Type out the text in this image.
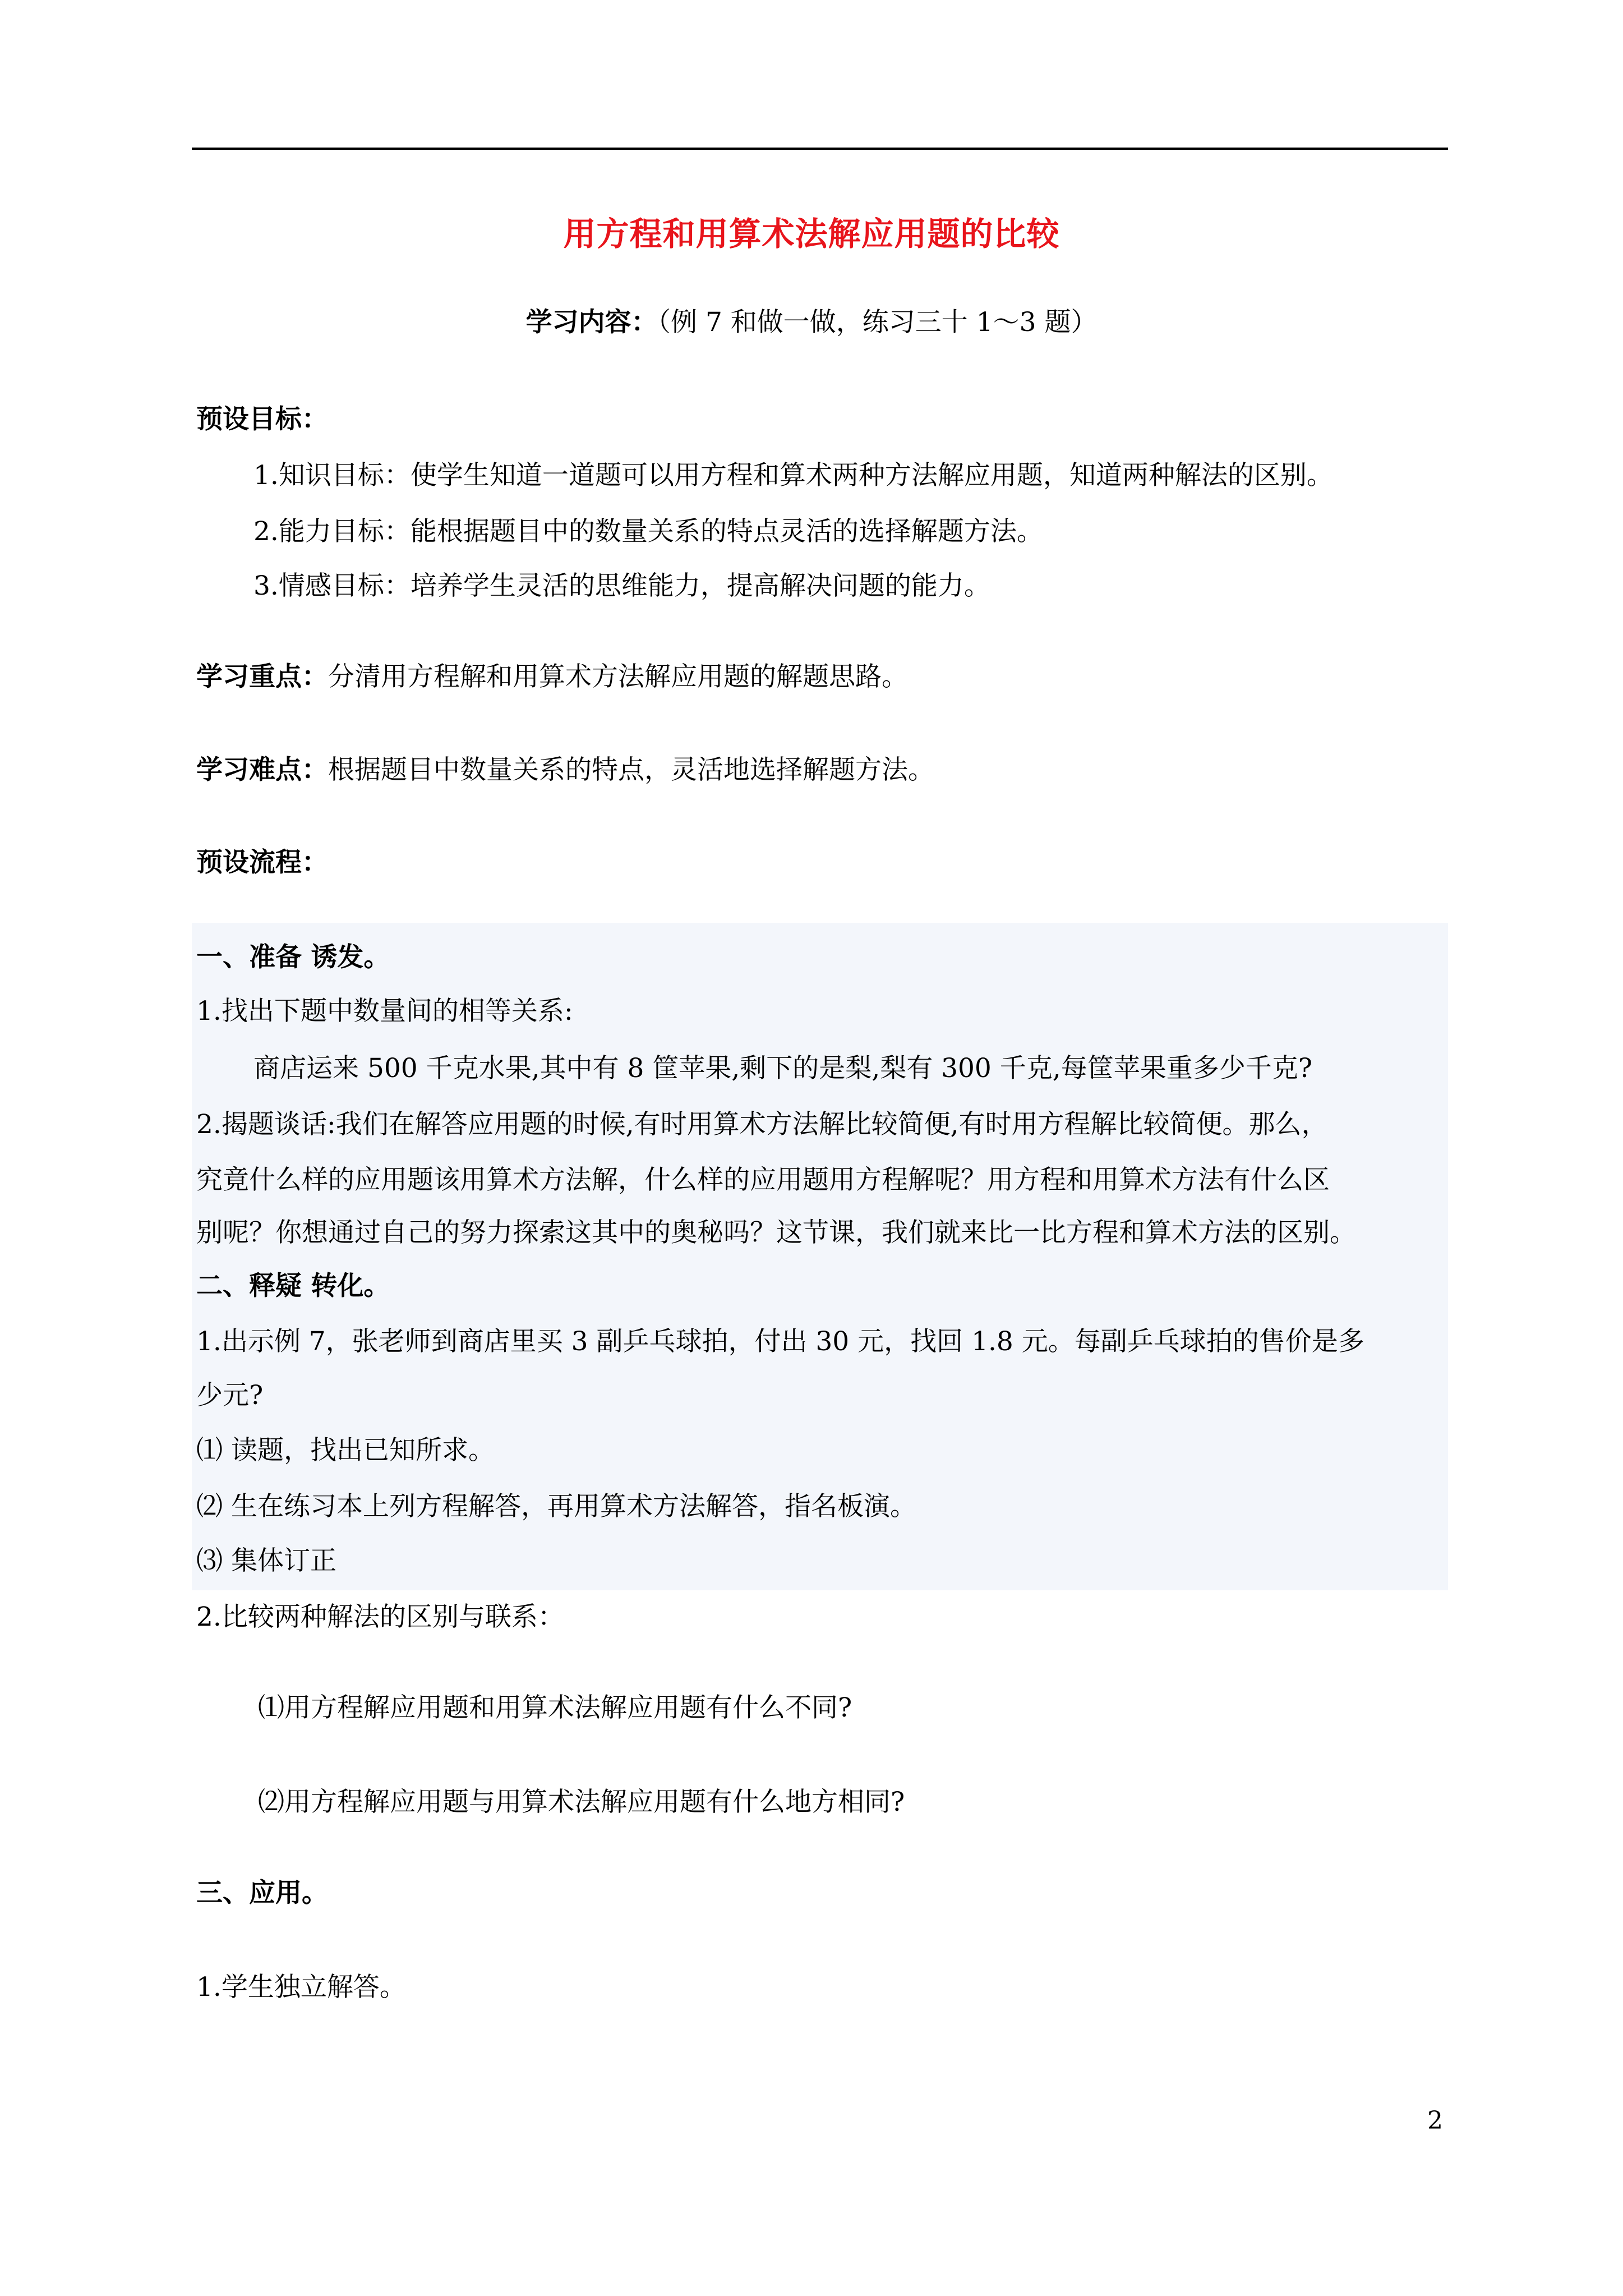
用方程和用算术法解应用题的比较
学习内容：（例 7 和做一做，练习三十 1～3 题）
预设目标：
1.知识目标：使学生知道一道题可以用方程和算术两种方法解应用题，知道两种解法的区别。
2.能力目标：能根据题目中的数量关系的特点灵活的选择解题方法。
3.情感目标：培养学生灵活的思维能力，提高解决问题的能力。
学习重点：分清用方程解和用算术方法解应用题的解题思路。
学习难点：根据题目中数量关系的特点，灵活地选择解题方法。
预设流程：
一、准备 诱发。
1.找出下题中数量间的相等关系:
商店运来 500 千克水果,其中有 8 筐苹果,剩下的是梨,梨有 300 千克,每筐苹果重多少千克?
2.揭题谈话:我们在解答应用题的时候,有时用算术方法解比较简便,有时用方程解比较简便。那么，
究竟什么样的应用题该用算术方法解，什么样的应用题用方程解呢？用方程和用算术方法有什么区
别呢？你想通过自己的努力探索这其中的奥秘吗？这节课，我们就来比一比方程和算术方法的区别。
二、释疑 转化。
1.出示例 7，张老师到商店里买 3 副乒乓球拍，付出 30 元，找回 1.8 元。每副乒乓球拍的售价是多
少元?
⑴ 读题，找出已知所求。
⑵ 生在练习本上列方程解答，再用算术方法解答，指名板演。
⑶ 集体订正
2.比较两种解法的区别与联系：
⑴用方程解应用题和用算术法解应用题有什么不同?
⑵用方程解应用题与用算术法解应用题有什么地方相同?
三、应用。
1.学生独立解答。
2
